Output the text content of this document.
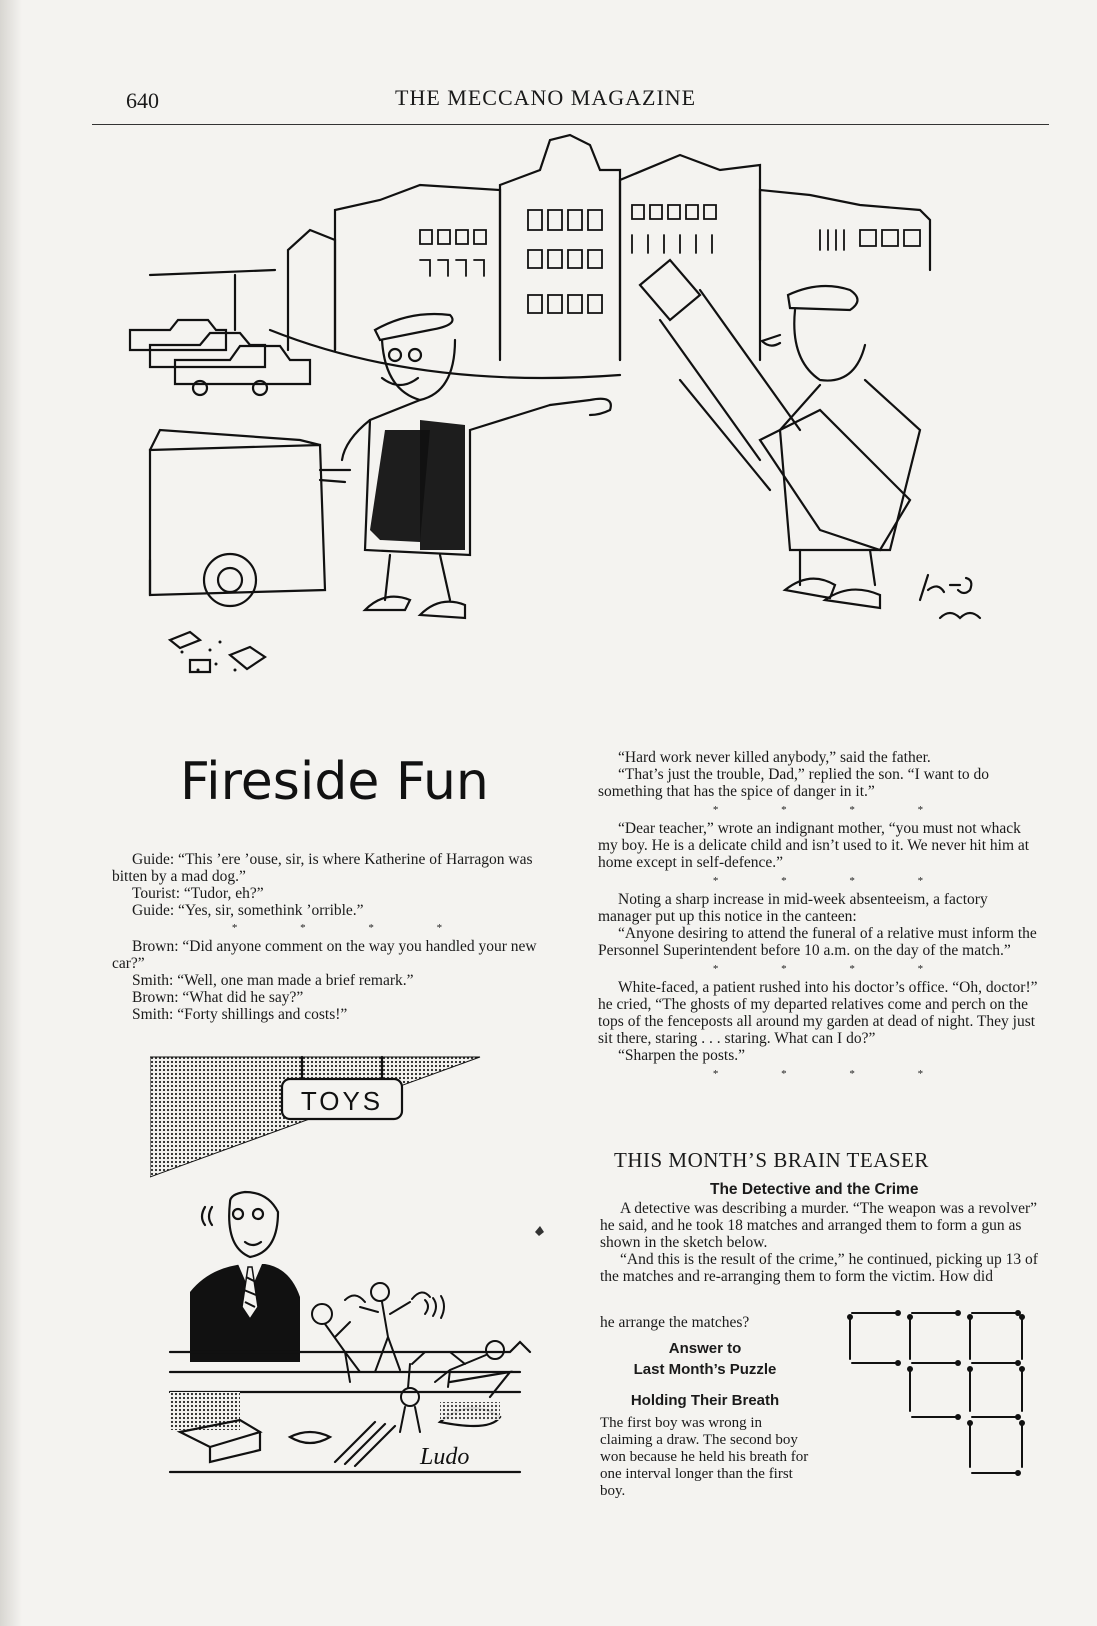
640	THE MECCANO MAGAZINE
Fireside Fun

Guide: “This ’ere ’ouse, sir, is where Katherine of Harragon was bitten by a mad dog.”

Tourist: “Tudor, eh?”

Guide: “Yes, sir, somethink ’orrible.”

* * * *

Brown: “Did anyone comment on the way you handled your new car?”

Smith: “Well, one man made a brief remark.”

Brown: “What did he say?”

Smith: “Forty shillings and costs!”

TOYS
Ludo

“Hard work never killed anybody,” said the father.

“That’s just the trouble, Dad,” replied the son. “I want to do something that has the spice of danger in it.”

* * * *

“Dear teacher,” wrote an indignant mother, “you must not whack my boy. He is a delicate child and isn’t used to it. We never hit him at home except in self-defence.”

* * * *

Noting a sharp increase in mid-week absenteeism, a factory manager put up this notice in the canteen:

“Anyone desiring to attend the funeral of a relative must inform the Personnel Superintendent before 10 a.m. on the day of the match.”

* * * *

White-faced, a patient rushed into his doctor’s office. “Oh, doctor!” he cried, “The ghosts of my departed relatives come and perch on the tops of the fenceposts all around my garden at dead of night. They just sit there, staring . . . staring. What can I do?”

“Sharpen the posts.”

* * * *

THIS MONTH’S BRAIN TEASER
The Detective and the Crime

A detective was describing a murder. “The weapon was a revolver” he said, and he took 18 matches and arranged them to form a gun as shown in the sketch below.

“And this is the result of the crime,” he continued, picking up 13 of the matches and re-arranging them to form the victim. How did

he arrange the matches?

Answer to

Last Month’s Puzzle

Holding Their Breath

The first boy was wrong in claiming a draw. The second boy won because he held his breath for one interval longer than the first boy.
